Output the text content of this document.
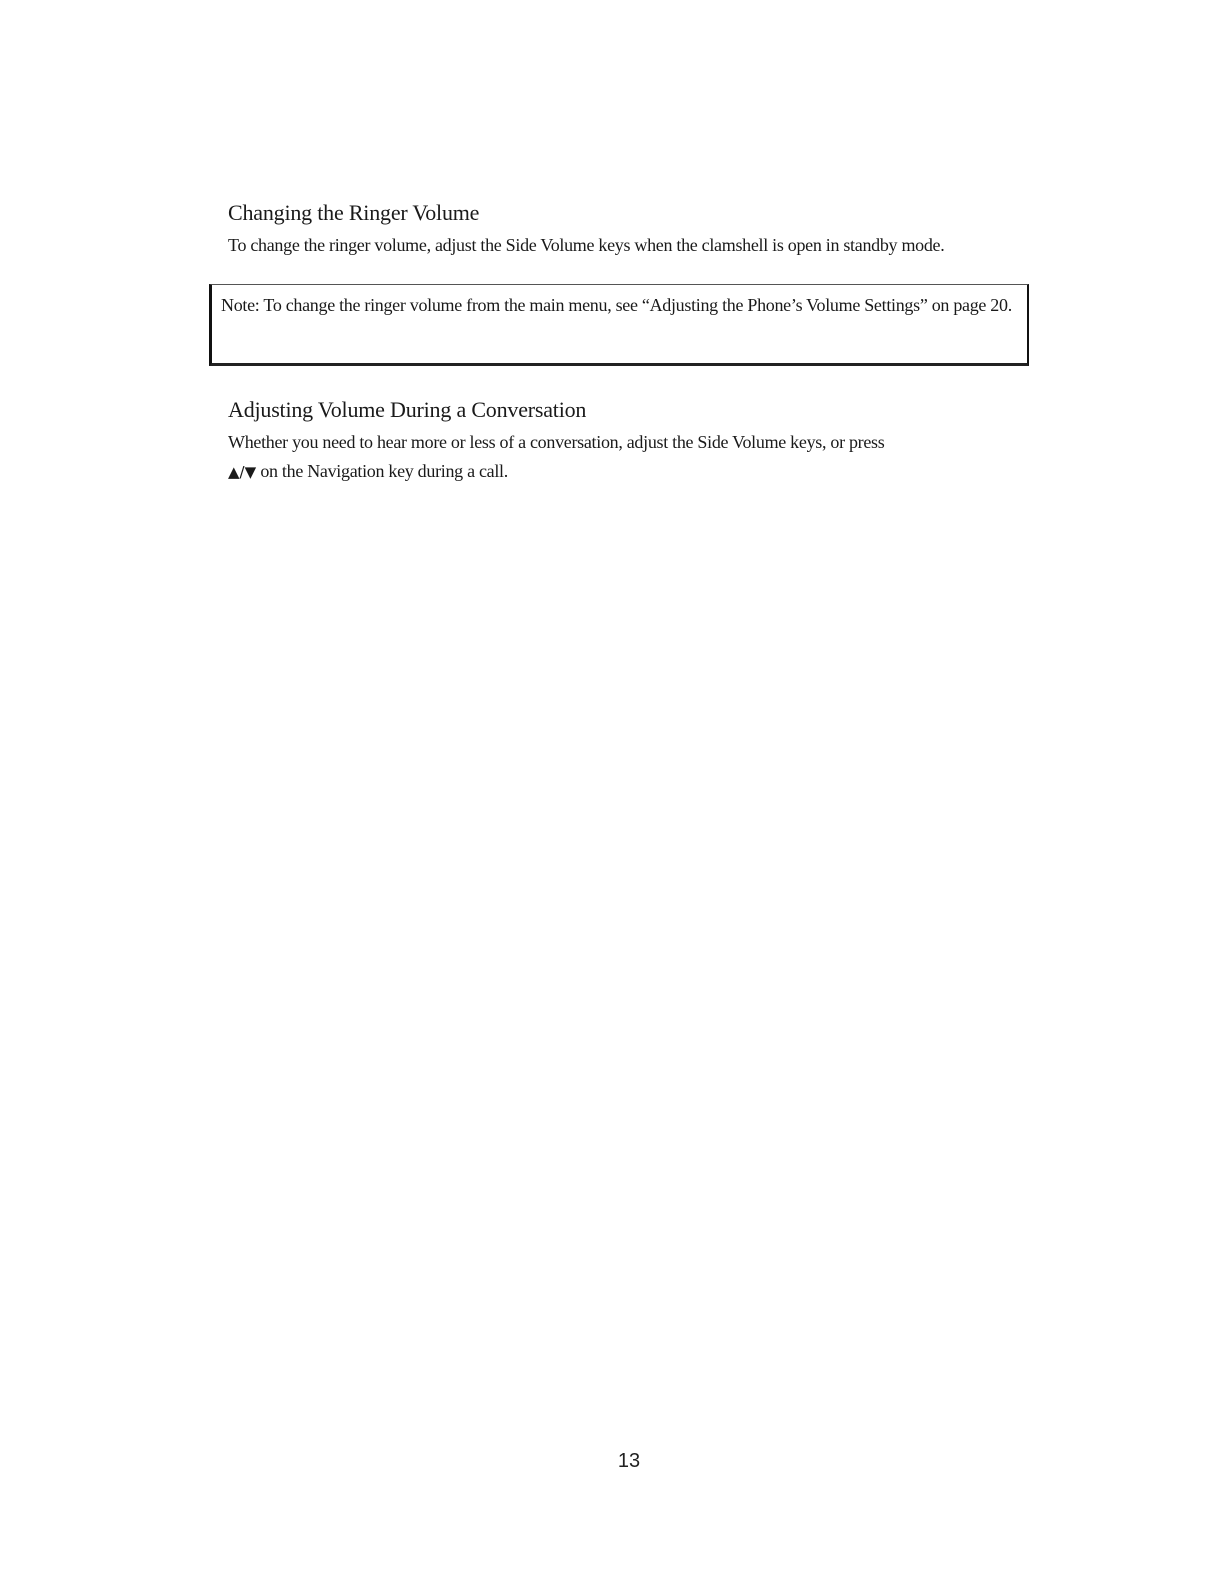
Changing the Ringer Volume

To change the ringer volume, adjust the Side Volume keys when the clamshell is open in standby mode.

Note: To change the ringer volume from the main menu, see “Adjusting the Phone’s Volume Settings” on page 20.

Adjusting Volume During a Conversation

Whether you need to hear more or less of a conversation, adjust the Side Volume keys, or press
▲/▼ on the Navigation key during a call.

13
